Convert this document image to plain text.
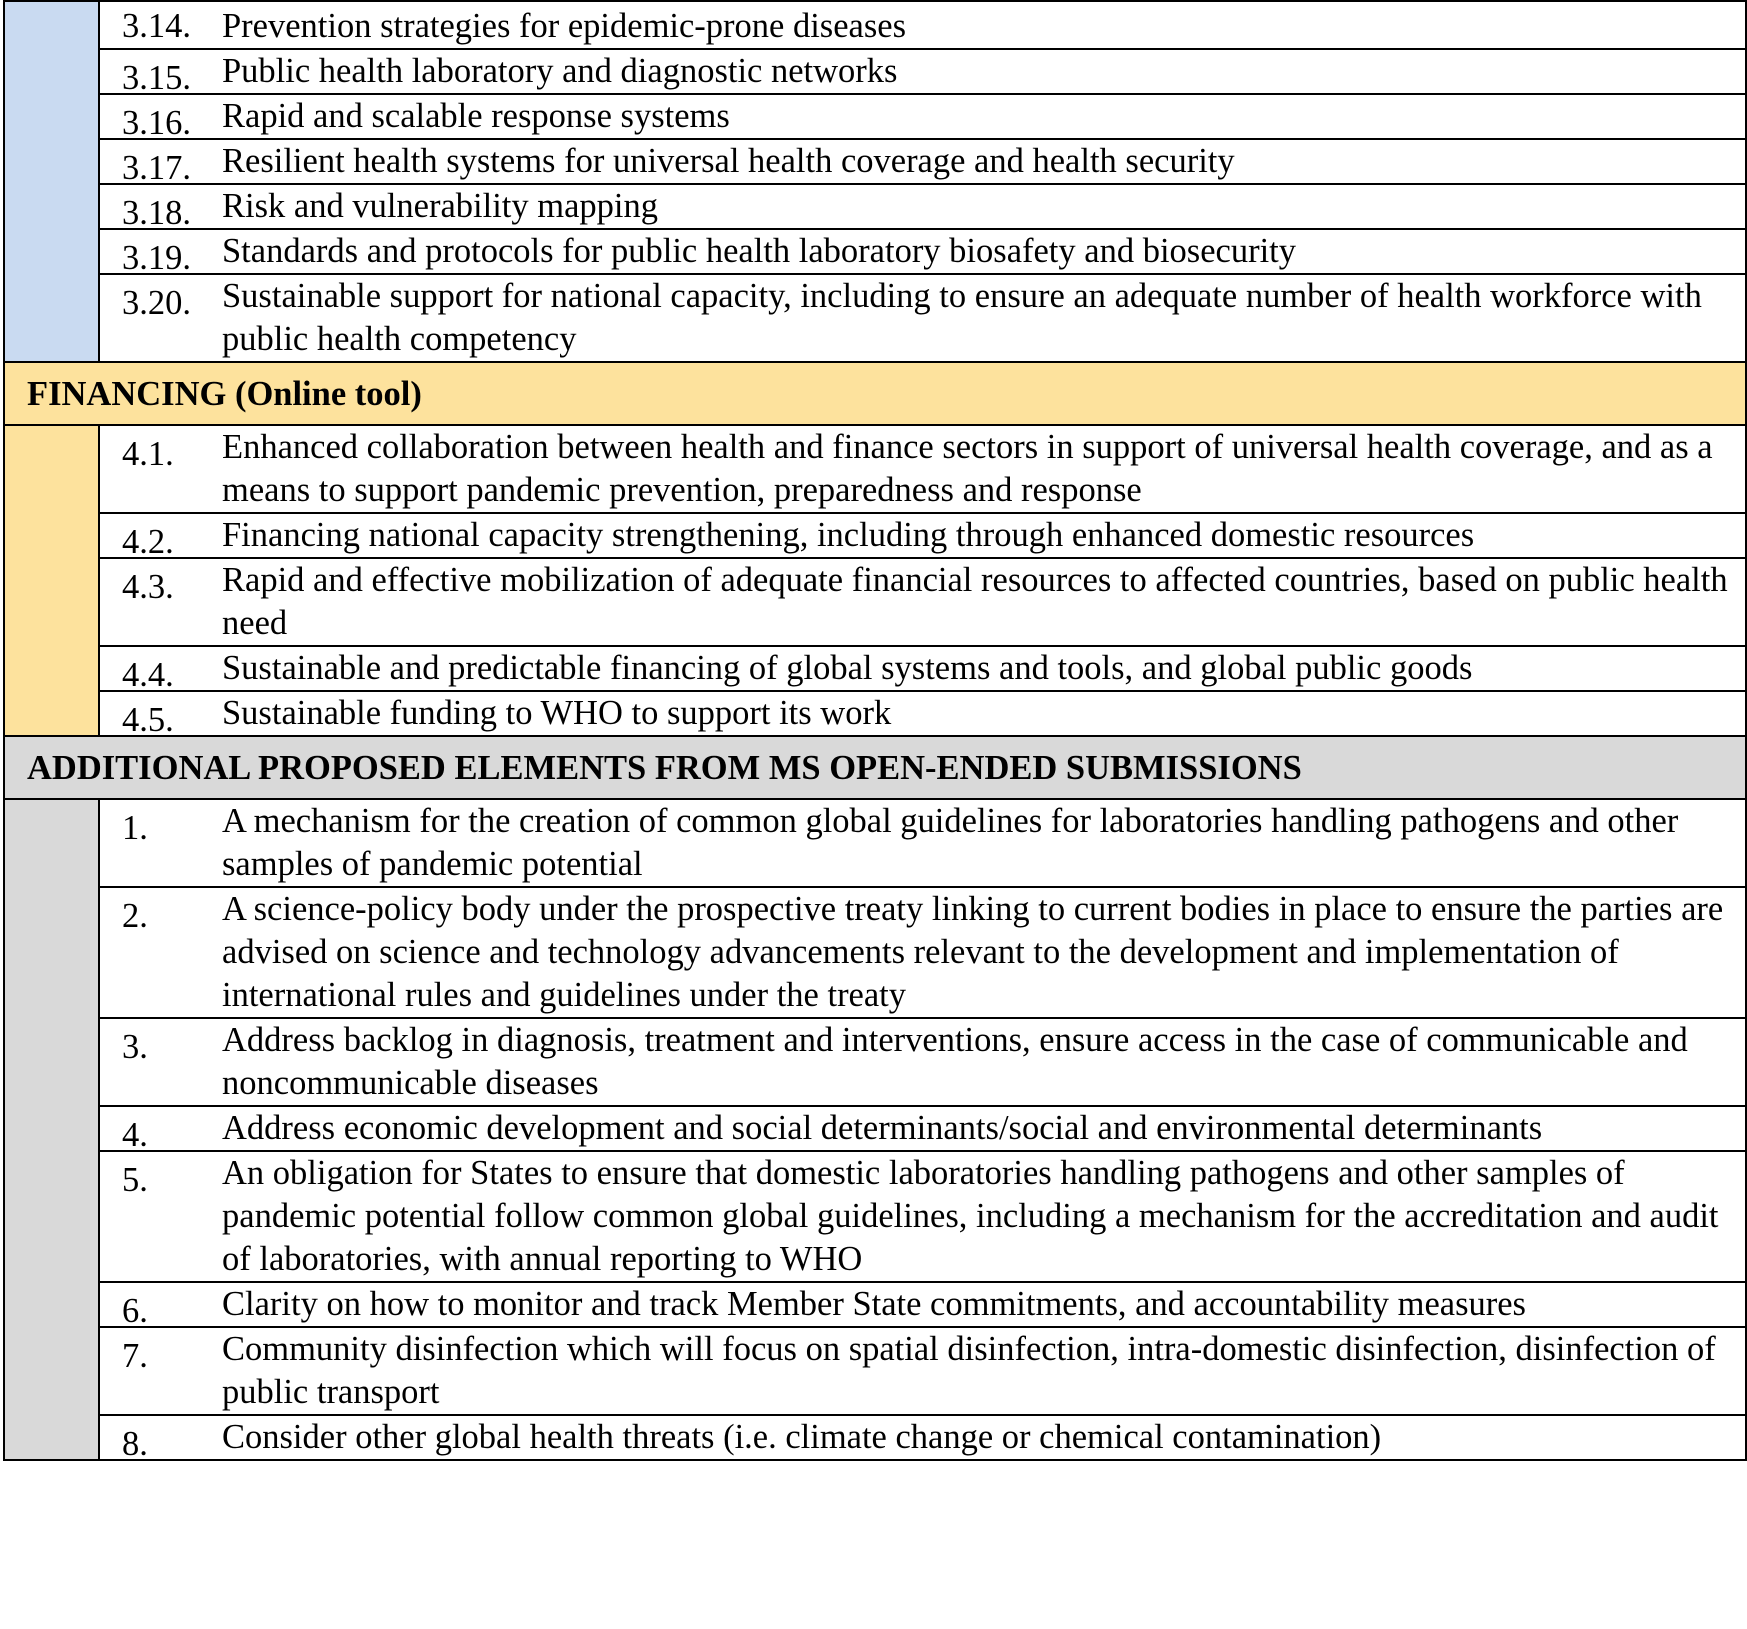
	3.14. Prevention strategies for epidemic-prone diseases

	3.15. Public health laboratory and diagnostic networks

	3.16. Rapid and scalable response systems

	3.17. Resilient health systems for universal health coverage and health security

	3.18. Risk and vulnerability mapping

	3.19. Standards and protocols for public health laboratory biosafety and biosecurity

	3.20. Sustainable support for national capacity, including to ensure an adequate number of health workforce with public health competency

FINANCING (Online tool)	

	4.1. Enhanced collaboration between health and finance sectors in support of universal health coverage, and as a means to support pandemic prevention, preparedness and response

	4.2. Financing national capacity strengthening, including through enhanced domestic resources

	4.3. Rapid and effective mobilization of adequate financial resources to affected countries, based on public health need

	4.4. Sustainable and predictable financing of global systems and tools, and global public goods

	4.5. Sustainable funding to WHO to support its work

ADDITIONAL PROPOSED ELEMENTS FROM MS OPEN-ENDED SUBMISSIONS	

	1. A mechanism for the creation of common global guidelines for laboratories handling pathogens and other samples of pandemic potential

	2. A science-policy body under the prospective treaty linking to current bodies in place to ensure the parties are advised on science and technology advancements relevant to the development and implementation of international rules and guidelines under the treaty

	3. Address backlog in diagnosis, treatment and interventions, ensure access in the case of communicable and noncommunicable diseases

	4. Address economic development and social determinants/social and environmental determinants

	5. An obligation for States to ensure that domestic laboratories handling pathogens and other samples of pandemic potential follow common global guidelines, including a mechanism for the accreditation and audit of laboratories, with annual reporting to WHO

	6. Clarity on how to monitor and track Member State commitments, and accountability measures

	7. Community disinfection which will focus on spatial disinfection, intra-domestic disinfection, disinfection of public transport

	8. Consider other global health threats (i.e. climate change or chemical contamination)
